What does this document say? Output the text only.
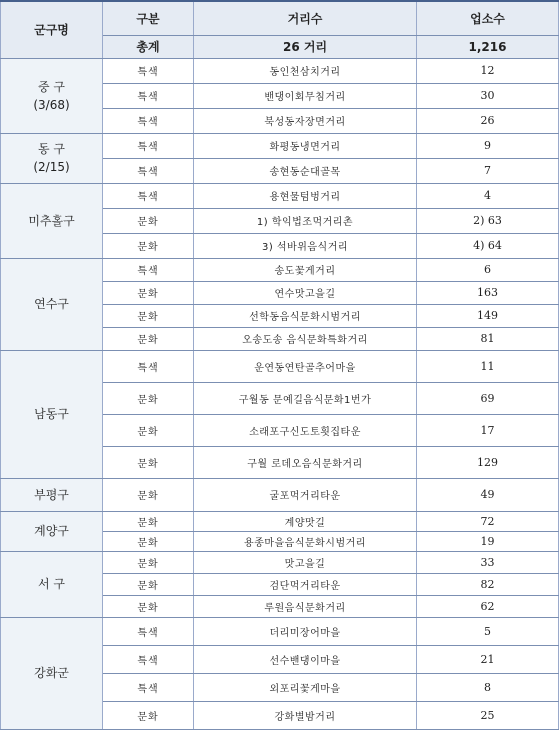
군구명	구분	거리수	업소수
	총계	26 거리	1,216

중 구
(3/68)	특색	동인천삼치거리	12
	특색	밴댕이회무침거리	30
	특색	북성동자장면거리	26

동 구
(2/15)	특색	화평동냉면거리	9
	특색	송현동순대골목	7
미추홀구	특색	용현물텀벙거리	4
	문화	1) 학익법조먹거리촌	2) 63
	문화	3) 석바위음식거리	4) 64
연수구	특색	송도꽃게거리	6
	문화	연수맛고을길	163
	문화	선학동음식문화시범거리	149
	문화	오송도송 음식문화특화거리	81
남동구	특색	운연동연탄골추어마을	11
	문화	구월동 문예길음식문화1번가	69
	문화	소래포구신도토횟집타운	17
	문화	구월 로데오음식문화거리	129
부평구	문화	굴포먹거리타운	49
계양구	문화	계양맛길	72
	문화	용종마을음식문화시범거리	19
서 구	문화	맛고을길	33
	문화	검단먹거리타운	82
	문화	루원음식문화거리	62
강화군	특색	더리미장어마을	5
	특색	선수밴댕이마을	21
	특색	외포리꽃게마을	8
	문화	강화별밤거리	25
